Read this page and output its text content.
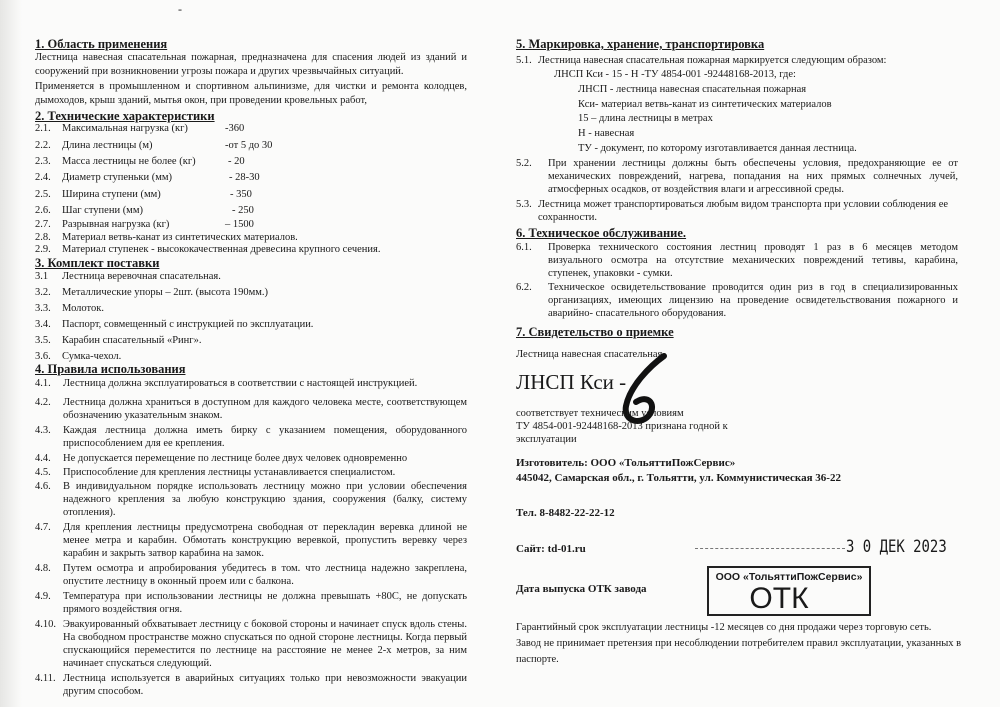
-
1. Область применения
Лестница навесная спасательная пожарная, предназначена для спасения людей из зданий и сооружений при возникновении угрозы пожара и других чрезвычайных ситуаций.
Применяется в промышленном и спортивном альпинизме, для чистки и ремонта колодцев, дымоходов, крыш зданий, мытья окон, при проведении кровельных работ,
2. Технические характеристики
2.1. Максимальная нагрузка (кг)	-360
2.2. Длина лестницы (м)	-от 5 до 30
2.3. Масса лестницы не более (кг)	- 20
2.4. Диаметр ступеньки (мм)	- 28-30
2.5. Ширина ступени (мм)	- 350
2.6. Шаг ступени (мм)	- 250
2.7. Разрывная нагрузка (кг)	– 1500
2.8. Материал ветвь-канат из синтетических материалов.
2.9. Материал ступенек - высококачественная древесина крупного сечения.
3. Комплект поставки
3.1 Лестница веревочная спасательная.
3.2. Металлические упоры – 2шт. (высота 190мм.)
3.3. Молоток.
3.4. Паспорт, совмещенный с инструкцией по эксплуатации.
3.5. Карабин спасательный «Ринг».
3.6. Сумка-чехол.
4. Правила использования
4.1. Лестница должна эксплуатироваться в соответствии с настоящей инструкцией.
4.2. Лестница должна храниться в доступном для каждого человека месте, соответствующем обозначению указательным знаком.
4.3. Каждая лестница должна иметь бирку с указанием помещения, оборудованного приспособлением для ее крепления.
4.4. Не допускается перемещение по лестнице более двух человек одновременно
4.5. Приспособление для крепления лестницы устанавливается специалистом.
4.6. В индивидуальном порядке использовать лестницу можно при условии обеспечения надежного крепления за любую конструкцию здания, сооружения (балку, систему отопления).
4.7. Для крепления лестницы предусмотрена свободная от перекладин веревка длиной не менее метра и карабин. Обмотать конструкцию веревкой, пропустить веревку через карабин и закрыть затвор карабина на замок.
4.8. Путем осмотра и апробирования убедитесь в том. что лестница надежно закреплена, опустите лестницу в оконный проем или с балкона.
4.9. Температура при использовании лестницы не должна превышать +80С, не допускать прямого воздействия огня.
4.10. Эвакуированный обхватывает лестницу с боковой стороны и начинает спуск вдоль стены. На свободном пространстве можно спускаться по одной стороне лестницы. Когда первый спускающийся переместится по лестнице на расстояние не менее 2-х метров, за ним начинает спускаться следующий.
4.11. Лестница используется в аварийных ситуациях только при невозможности эвакуации другим способом.
5. Маркировка, хранение, транспортировка
5.1. Лестница навесная спасательная пожарная маркируется следующим образом:
ЛНСП Кси - 15 - Н -ТУ 4854-001 -92448168-2013, где:
ЛНСП - лестница навесная спасательная пожарная
Кси- материал ветвь-канат из синтетических материалов
15 – длина лестницы в метрах
Н - навесная
ТУ - документ, по которому изготавливается данная лестница.
5.2. При хранении лестницы должны быть обеспечены условия, предохраняющие ее от механических повреждений, нагрева, попадания на них прямых солнечных лучей, атмосферных осадков, от воздействия влаги и агрессивной среды.
5.3. Лестница может транспортироваться любым видом транспорта при условии соблюдения ее сохранности.
6. Техническое обслуживание.
6.1. Проверка технического состояния лестниц проводят 1 раз в 6 месяцев методом визуального осмотра на отсутствие механических повреждений тетивы, карабина, ступенек, упаковки - сумки.
6.2. Техническое освидетельствование проводится один риз в год в специализированных организациях, имеющих лицензию на проведение освидетельствования пожарного и аварийно- спасательного оборудования.
7. Свидетельство о приемке
Лестница навесная спасательная
ЛНСП Кси -
соответствует техническим условиям
ТУ 4854-001-92448168-2013 признана годной к
эксплуатации
Изготовитель: ООО «ТольяттиПожСервис»
445042, Самарская обл., г. Тольятти, ул. Коммунистическая 36-22
Тел. 8-8482-22-22-12
Сайт: td-01.ru	3 0 ДЕК 2023
Дата выпуска ОТК завода
ООО «ТольяттиПожСервис»
ОТК
Гарантийный срок эксплуатации лестницы -12 месяцев со дня продажи через торговую сеть.
Завод не принимает претензия при несоблюдении потребителем правил эксплуатации, указанных в паспорте.
